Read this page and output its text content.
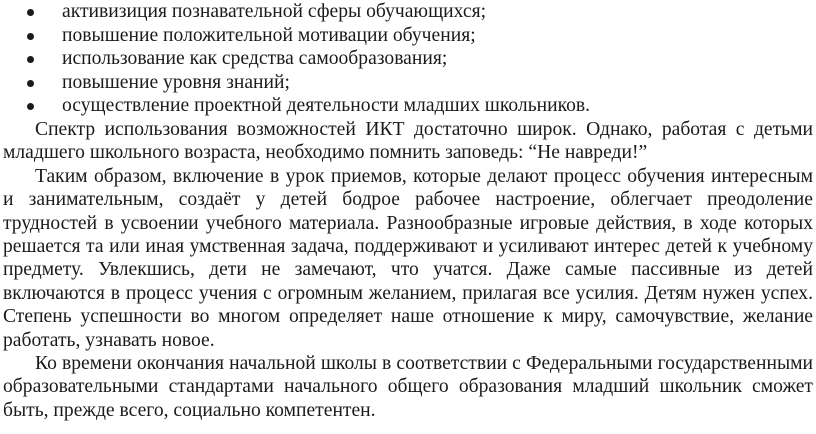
активизиция познавательной сферы обучающихся;
повышение положительной мотивации обучения;
использование как средства самообразования;
повышение уровня знаний;
осуществление проектной деятельности младших школьников.

Спектр использования возможностей ИКТ достаточно широк. Однако, работая с детьми младшего школьного возраста, необходимо помнить заповедь: “Не навреди!”

Таким образом, включение в урок приемов, которые делают процесс обучения интересным и занимательным, создаёт у детей бодрое рабочее настроение, облегчает преодоление трудностей в усвоении учебного материала. Разнообразные игровые действия, в ходе которых решается та или иная умственная задача, поддерживают и усиливают интерес детей к учебному предмету. Увлекшись, дети не замечают, что учатся. Даже самые пассивные из детей включаются в процесс учения с огромным желанием, прилагая все усилия. Детям нужен успех. Степень успешности во многом определяет наше отношение к миру, самочувствие, желание работать, узнавать новое.

Ко времени окончания начальной школы в соответствии с Федеральными государственными образовательными стандартами начального общего образования младший школьник сможет быть, прежде всего, социально компетентен.
